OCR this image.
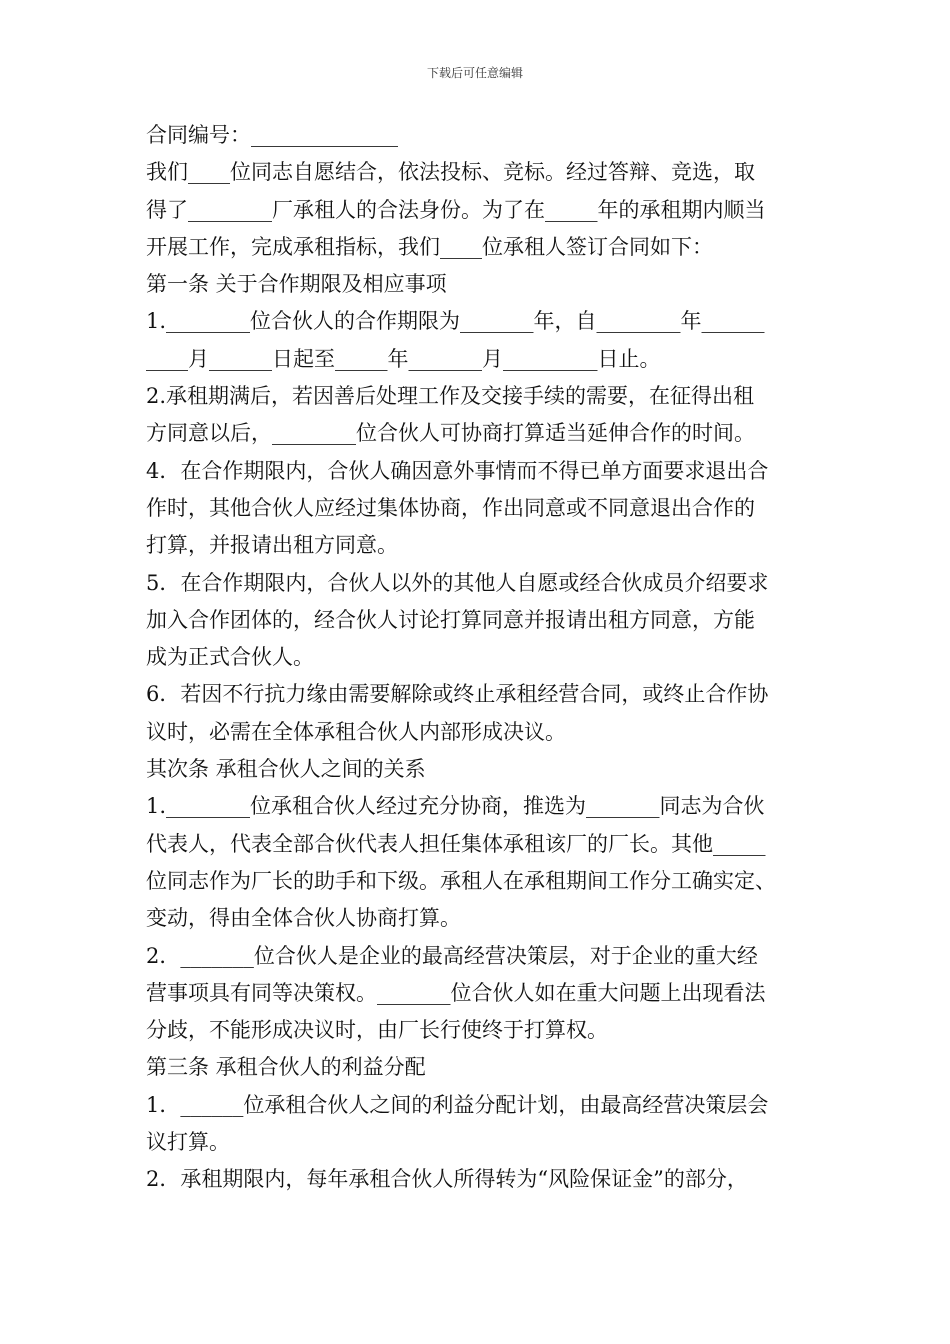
下载后可任意编辑
合同编号：______________
我们____位同志自愿结合，依法投标、竞标。经过答辩、竞选，取
得了________厂承租人的合法身份。为了在_____年的承租期内顺当
开展工作，完成承租指标，我们____位承租人签订合同如下：
第一条 关于合作期限及相应事项
1.________位合伙人的合作期限为_______年，自________年______
____月______日起至_____年_______月_________日止。
2.承租期满后，若因善后处理工作及交接手续的需要，在征得出租
方同意以后，________位合伙人可协商打算适当延伸合作的时间。
4．在合作期限内，合伙人确因意外事情而不得已单方面要求退出合
作时，其他合伙人应经过集体协商，作出同意或不同意退出合作的
打算，并报请出租方同意。
5．在合作期限内，合伙人以外的其他人自愿或经合伙成员介绍要求
加入合作团体的，经合伙人讨论打算同意并报请出租方同意，方能
成为正式合伙人。
6．若因不行抗力缘由需要解除或终止承租经营合同，或终止合作协
议时，必需在全体承租合伙人内部形成决议。
其次条 承租合伙人之间的关系
1.________位承租合伙人经过充分协商，推选为_______同志为合伙
代表人，代表全部合伙代表人担任集体承租该厂的厂长。其他_____
位同志作为厂长的助手和下级。承租人在承租期间工作分工确实定、
变动，得由全体合伙人协商打算。
2．_______位合伙人是企业的最高经营决策层，对于企业的重大经
营事项具有同等决策权。_______位合伙人如在重大问题上出现看法
分歧，不能形成决议时，由厂长行使终于打算权。
第三条 承租合伙人的利益分配
1．______位承租合伙人之间的利益分配计划，由最高经营决策层会
议打算。
2．承租期限内，每年承租合伙人所得转为“风险保证金”的部分，
